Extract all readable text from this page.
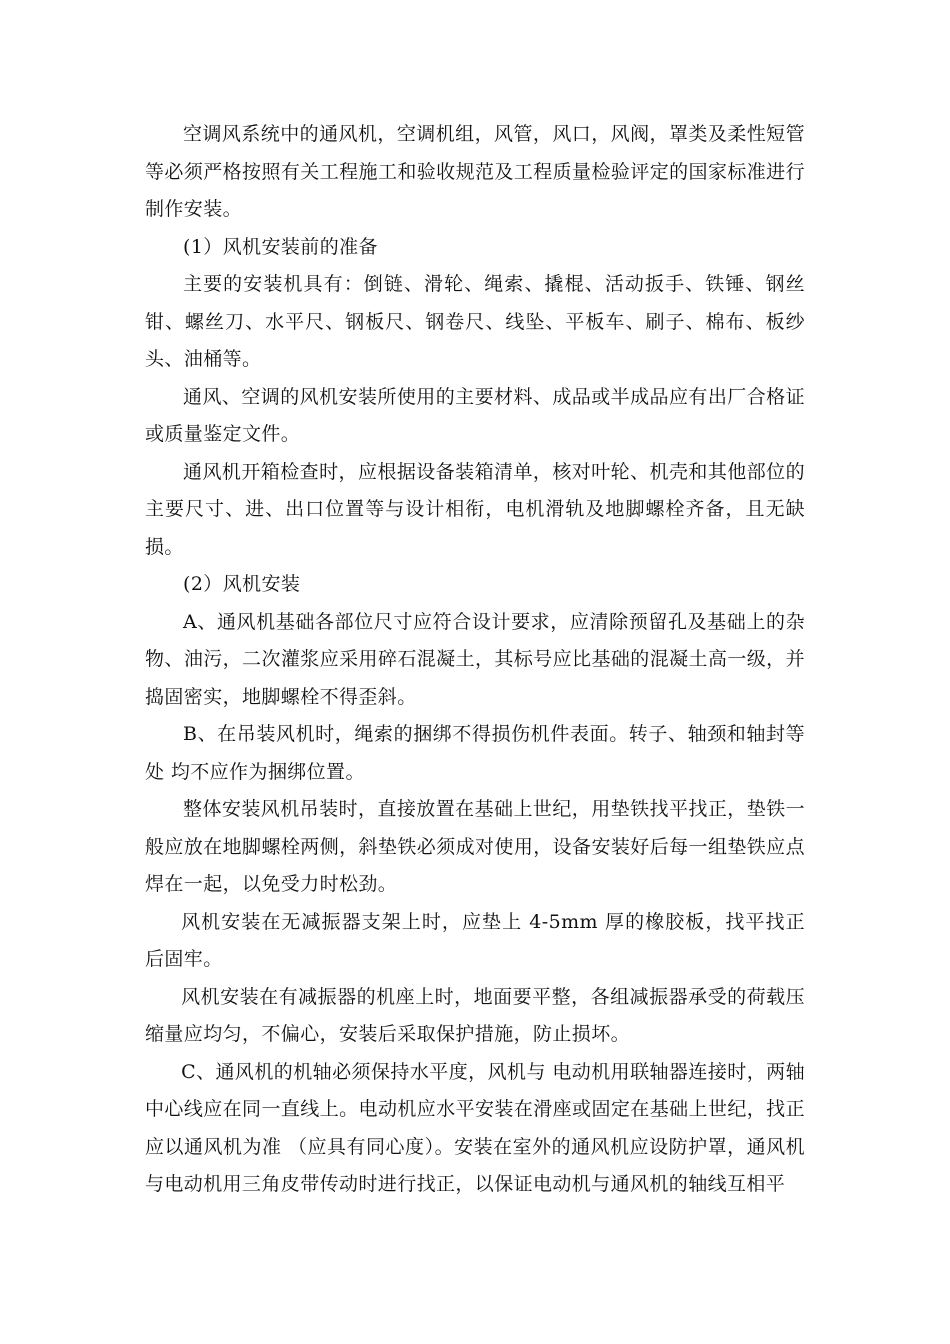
空调风系统中的通风机，空调机组，风管，风口，风阀，罩类及柔性短管等必须严格按照有关工程施工和验收规范及工程质量检验评定的国家标准进行制作安装。

(1）风机安装前的准备

主要的安装机具有：倒链、滑轮、绳索、撬棍、活动扳手、铁锤、钢丝钳、螺丝刀、水平尺、钢板尺、钢卷尺、线坠、平板车、刷子、棉布、板纱头、油桶等。

通风、空调的风机安装所使用的主要材料、成品或半成品应有出厂合格证或质量鉴定文件。

通风机开箱检查时，应根据设备装箱清单，核对叶轮、机壳和其他部位的主要尺寸、进、出口位置等与设计相衔，电机滑轨及地脚螺栓齐备，且无缺损。

(2）风机安装

A、通风机基础各部位尺寸应符合设计要求，应清除预留孔及基础上的杂物、油污，二次灌浆应采用碎石混凝土，其标号应比基础的混凝土高一级，并捣固密实，地脚螺栓不得歪斜。

B、在吊装风机时，绳索的捆绑不得损伤机件表面。转子、轴颈和轴封等处 均不应作为捆绑位置。

整体安装风机吊装时，直接放置在基础上世纪，用垫铁找平找正，垫铁一般应放在地脚螺栓两侧，斜垫铁必须成对使用，设备安装好后每一组垫铁应点焊在一起，以免受力时松劲。

风机安装在无减振器支架上时，应垫上 4-5mm 厚的橡胶板，找平找正后固牢。

风机安装在有减振器的机座上时，地面要平整，各组减振器承受的荷载压缩量应均匀，不偏心，安装后采取保护措施，防止损坏。

C、通风机的机轴必须保持水平度，风机与 电动机用联轴器连接时，两轴中心线应在同一直线上。电动机应水平安装在滑座或固定在基础上世纪，找正应以通风机为准 （应具有同心度）。安装在室外的通风机应设防护罩，通风机与电动机用三角皮带传动时进行找正，以保证电动机与通风机的轴线互相平
